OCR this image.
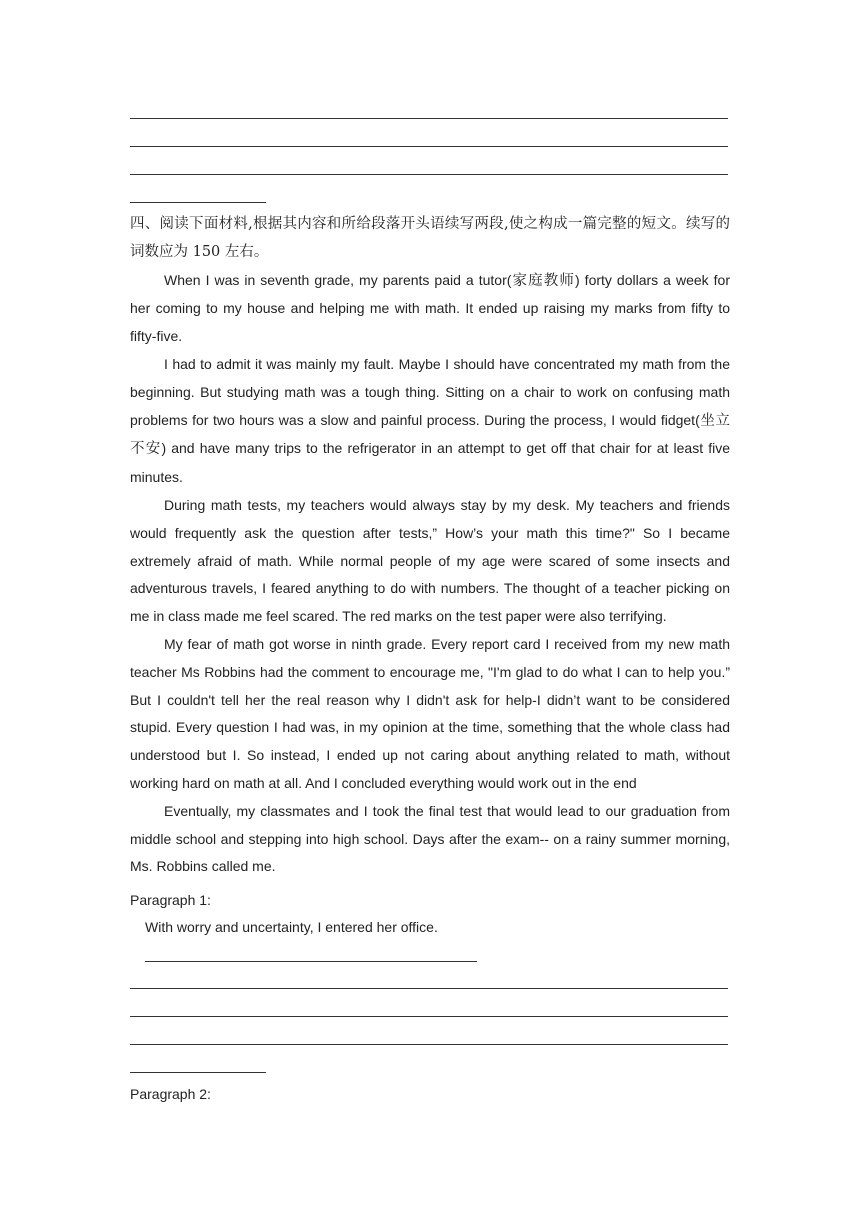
四、阅读下面材料,根据其内容和所给段落开头语续写两段,使之构成一篇完整的短文。续写的词数应为 150 左右。

When I was in seventh grade, my parents paid a tutor(家庭教师) forty dollars a week for her coming to my house and helping me with math. It ended up raising my marks from fifty to fifty-five.

I had to admit it was mainly my fault. Maybe I should have concentrated my math from the beginning. But studying math was a tough thing. Sitting on a chair to work on confusing math problems for two hours was a slow and painful process. During the process, I would fidget(坐立不安) and have many trips to the refrigerator in an attempt to get off that chair for at least five minutes.

During math tests, my teachers would always stay by my desk. My teachers and friends would frequently ask the question after tests,” How’s your math this time?" So I became extremely afraid of math. While normal people of my age were scared of some insects and adventurous travels, I feared anything to do with numbers. The thought of a teacher picking on me in class made me feel scared. The red marks on the test paper were also terrifying.

My fear of math got worse in ninth grade. Every report card I received from my new math teacher Ms Robbins had the comment to encourage me, "I'm glad to do what I can to help you.” But I couldn't tell her the real reason why I didn't ask for help-I didn’t want to be considered stupid. Every question I had was, in my opinion at the time, something that the whole class had understood but I. So instead, I ended up not caring about anything related to math, without working hard on math at all. And I concluded everything would work out in the end

Eventually, my classmates and I took the final test that would lead to our graduation from middle school and stepping into high school. Days after the exam-- on a rainy summer morning, Ms. Robbins called me.

Paragraph 1:
With worry and uncertainty, I entered her office.
Paragraph 2:
